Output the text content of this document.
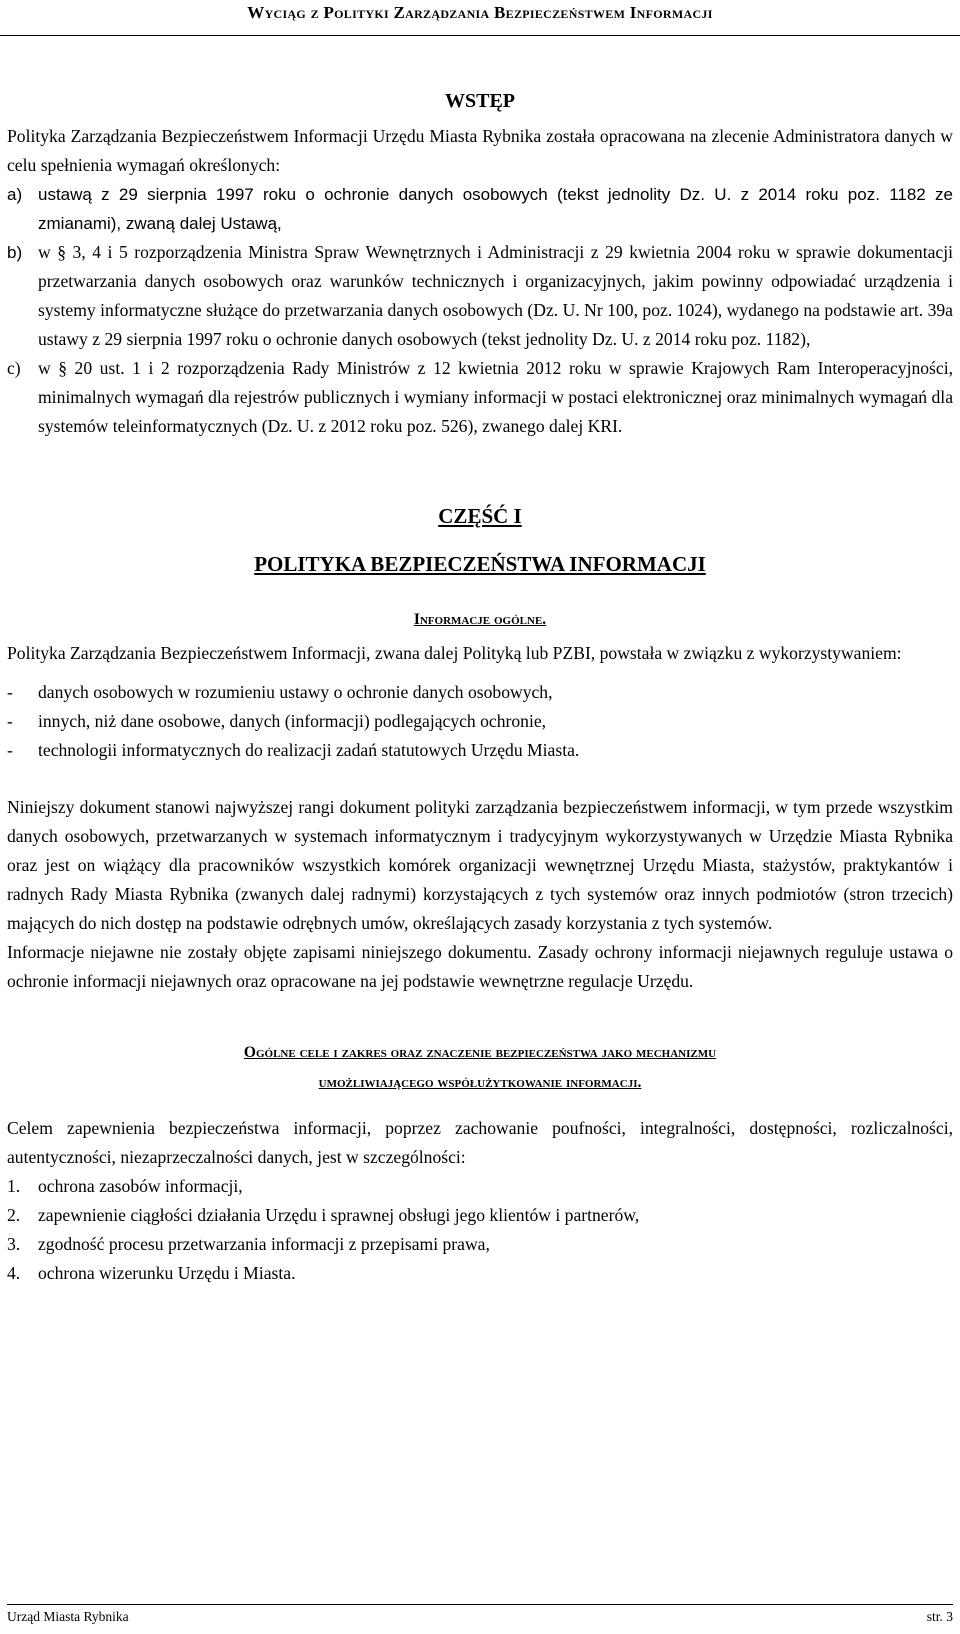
Wyciąg z Polityki Zarządzania Bezpieczeństwem Informacji
WSTĘP

Polityka Zarządzania Bezpieczeństwem Informacji Urzędu Miasta Rybnika została opracowana na zlecenie Administratora danych w celu spełnienia wymagań określonych:

a) ustawą z 29 sierpnia 1997 roku o ochronie danych osobowych (tekst jednolity Dz. U. z 2014 roku poz. 1182 ze zmianami), zwaną dalej Ustawą,
b) w § 3, 4 i 5 rozporządzenia Ministra Spraw Wewnętrznych i Administracji z 29 kwietnia 2004 roku w sprawie dokumentacji przetwarzania danych osobowych oraz warunków technicznych i organizacyjnych, jakim powinny odpowiadać urządzenia i systemy informatyczne służące do przetwarzania danych osobowych (Dz. U. Nr 100, poz. 1024), wydanego na podstawie art. 39a ustawy z 29 sierpnia 1997 roku o ochronie danych osobowych (tekst jednolity Dz. U. z 2014 roku poz. 1182),
c) w § 20 ust. 1 i 2 rozporządzenia Rady Ministrów z 12 kwietnia 2012 roku w sprawie Krajowych Ram Interoperacyjności, minimalnych wymagań dla rejestrów publicznych i wymiany informacji w postaci elektronicznej oraz minimalnych wymagań dla systemów teleinformatycznych (Dz. U. z 2012 roku poz. 526), zwanego dalej KRI.
CZĘŚĆ I
POLITYKA BEZPIECZEŃSTWA INFORMACJI
Informacje ogólne.

Polityka Zarządzania Bezpieczeństwem Informacji, zwana dalej Polityką lub PZBI, powstała w związku z wykorzystywaniem:

-	danych osobowych w rozumieniu ustawy o ochronie danych osobowych,
-	innych, niż dane osobowe, danych (informacji) podlegających ochronie,
-	technologii informatycznych do realizacji zadań statutowych Urzędu Miasta.

Niniejszy dokument stanowi najwyższej rangi dokument polityki zarządzania bezpieczeństwem informacji, w tym przede wszystkim danych osobowych, przetwarzanych w systemach informatycznym i tradycyjnym wykorzystywanych w Urzędzie Miasta Rybnika oraz jest on wiążący dla pracowników wszystkich komórek organizacji wewnętrznej Urzędu Miasta, stażystów, praktykantów i radnych Rady Miasta Rybnika (zwanych dalej radnymi) korzystających z tych systemów oraz innych podmiotów (stron trzecich) mających do nich dostęp na podstawie odrębnych umów, określających zasady korzystania z tych systemów.

Informacje niejawne nie zostały objęte zapisami niniejszego dokumentu. Zasady ochrony informacji niejawnych reguluje ustawa o ochronie informacji niejawnych oraz opracowane na jej podstawie wewnętrzne regulacje Urzędu.

Ogólne cele i zakres oraz znaczenie bezpieczeństwa jako mechanizmu
umożliwiającego współużytkowanie informacji.

Celem zapewnienia bezpieczeństwa informacji, poprzez zachowanie poufności, integralności, dostępności, rozliczalności, autentyczności, niezaprzeczalności danych, jest w szczególności:

1.	ochrona zasobów informacji,
2.	zapewnienie ciągłości działania Urzędu i sprawnej obsługi jego klientów i partnerów,
3.	zgodność procesu przetwarzania informacji z przepisami prawa,
4.	ochrona wizerunku Urzędu i Miasta.
Urząd Miasta Rybnika	str. 3
